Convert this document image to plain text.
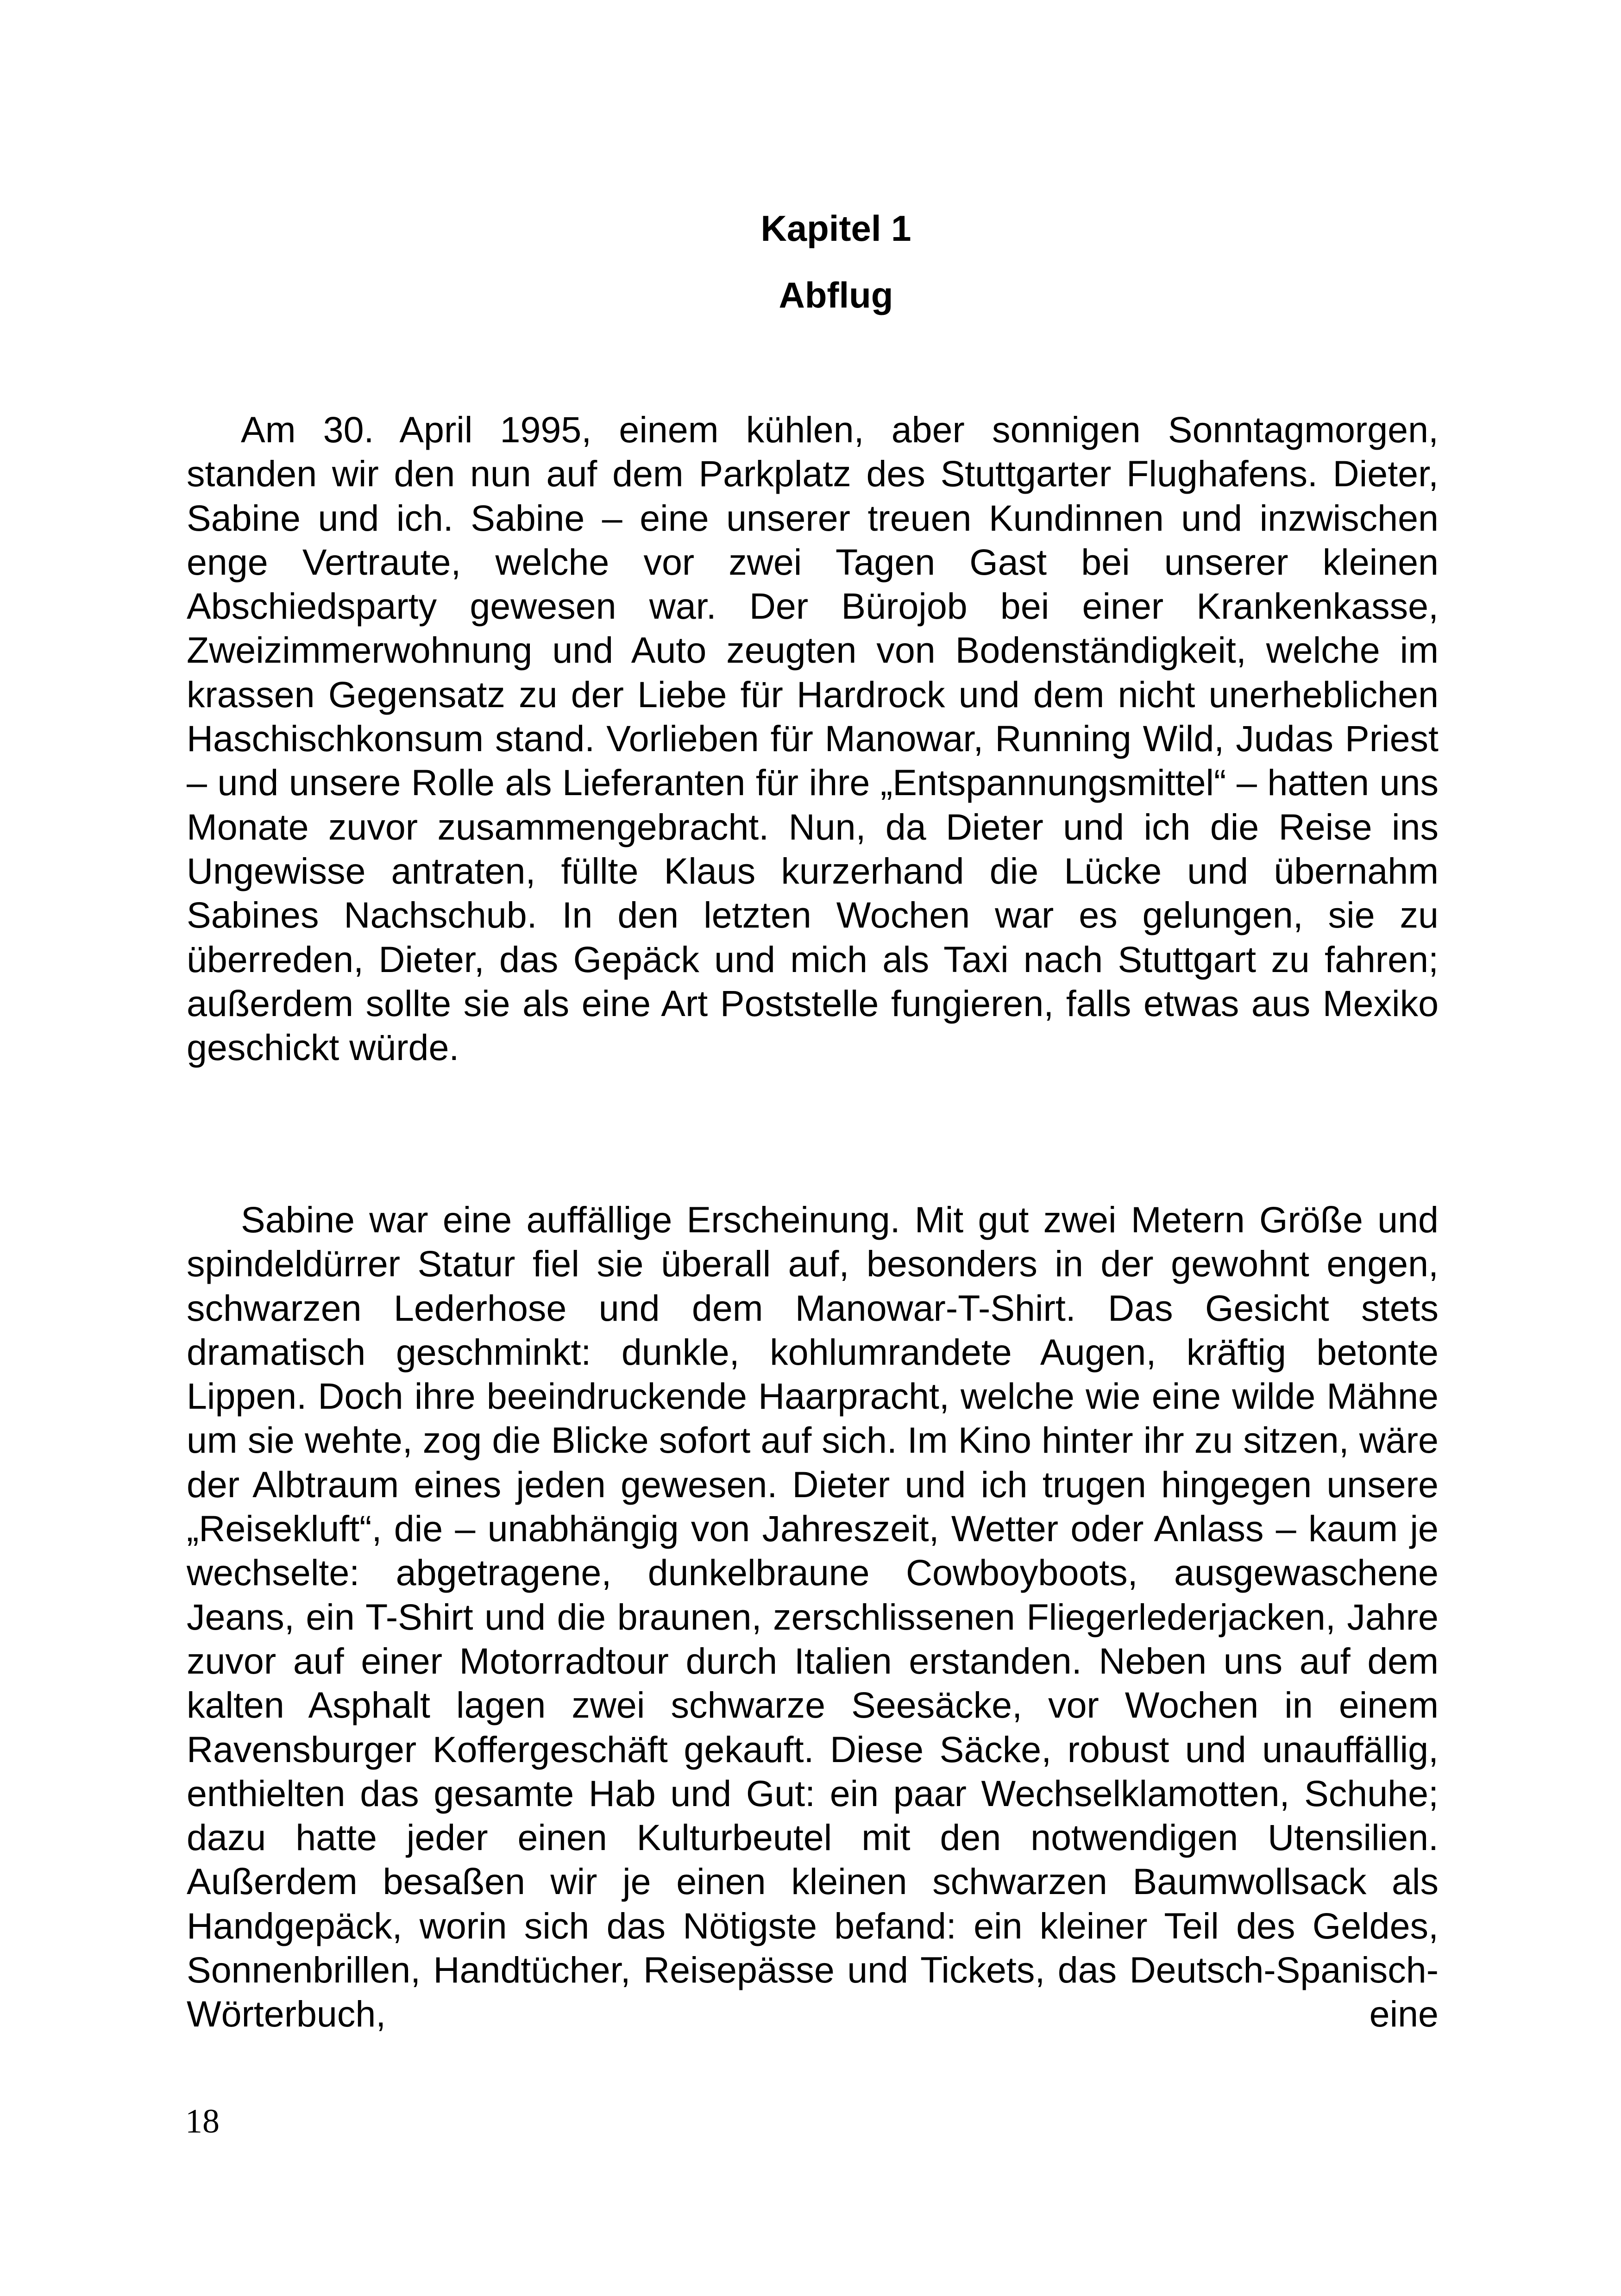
Kapitel 1
Abflug

Am 30. April 1995, einem kühlen, aber sonnigen Sonntagmorgen, standen wir den nun auf dem Parkplatz des Stuttgarter Flughafens. Dieter, Sabine und ich. Sabine – eine unserer treuen Kundinnen und inzwischen enge Vertraute, welche vor zwei Tagen Gast bei unserer kleinen Abschiedsparty gewesen war. Der Bürojob bei einer Krankenkasse, Zweizimmerwohnung und Auto zeugten von Bodenständigkeit, welche im krassen Gegensatz zu der Liebe für Hardrock und dem nicht unerheblichen Haschischkonsum stand. Vorlieben für Manowar, Running Wild, Judas Priest – und unsere Rolle als Lieferanten für ihre „Entspannungsmittel“ – hatten uns Monate zuvor zusammengebracht. Nun, da Dieter und ich die Reise ins Ungewisse antraten, füllte Klaus kurzerhand die Lücke und übernahm Sabines Nachschub. In den letzten Wochen war es gelungen, sie zu überreden, Dieter, das Gepäck und mich als Taxi nach Stuttgart zu fahren; außerdem sollte sie als eine Art Poststelle fungieren, falls etwas aus Mexiko geschickt würde.

Sabine war eine auffällige Erscheinung. Mit gut zwei Metern Größe und spindeldürrer Statur fiel sie überall auf, besonders in der gewohnt engen, schwarzen Lederhose und dem Manowar-T-Shirt. Das Gesicht stets dramatisch geschminkt: dunkle, kohlumrandete Augen, kräftig betonte Lippen. Doch ihre beeindruckende Haarpracht, welche wie eine wilde Mähne um sie wehte, zog die Blicke sofort auf sich. Im Kino hinter ihr zu sitzen, wäre der Albtraum eines jeden gewesen. Dieter und ich trugen hingegen unsere „Reisekluft“, die – unabhängig von Jahreszeit, Wetter oder Anlass – kaum je wechselte: abgetragene, dunkelbraune Cowboyboots, ausgewaschene Jeans, ein T-Shirt und die braunen, zerschlissenen Fliegerlederjacken, Jahre zuvor auf einer Motorradtour durch Italien erstanden. Neben uns auf dem kalten Asphalt lagen zwei schwarze Seesäcke, vor Wochen in einem Ravensburger Koffergeschäft gekauft. Diese Säcke, robust und unauffällig, enthielten das gesamte Hab und Gut: ein paar Wechselklamotten, Schuhe; dazu hatte jeder einen Kulturbeutel mit den notwendigen Utensilien. Außerdem besaßen wir je einen kleinen schwarzen Baumwollsack als Handgepäck, worin sich das Nötigste befand: ein kleiner Teil des Geldes, Sonnenbrillen, Handtücher, Reisepässe und Tickets, das Deutsch-Spanisch-Wörterbuch, eine

18
